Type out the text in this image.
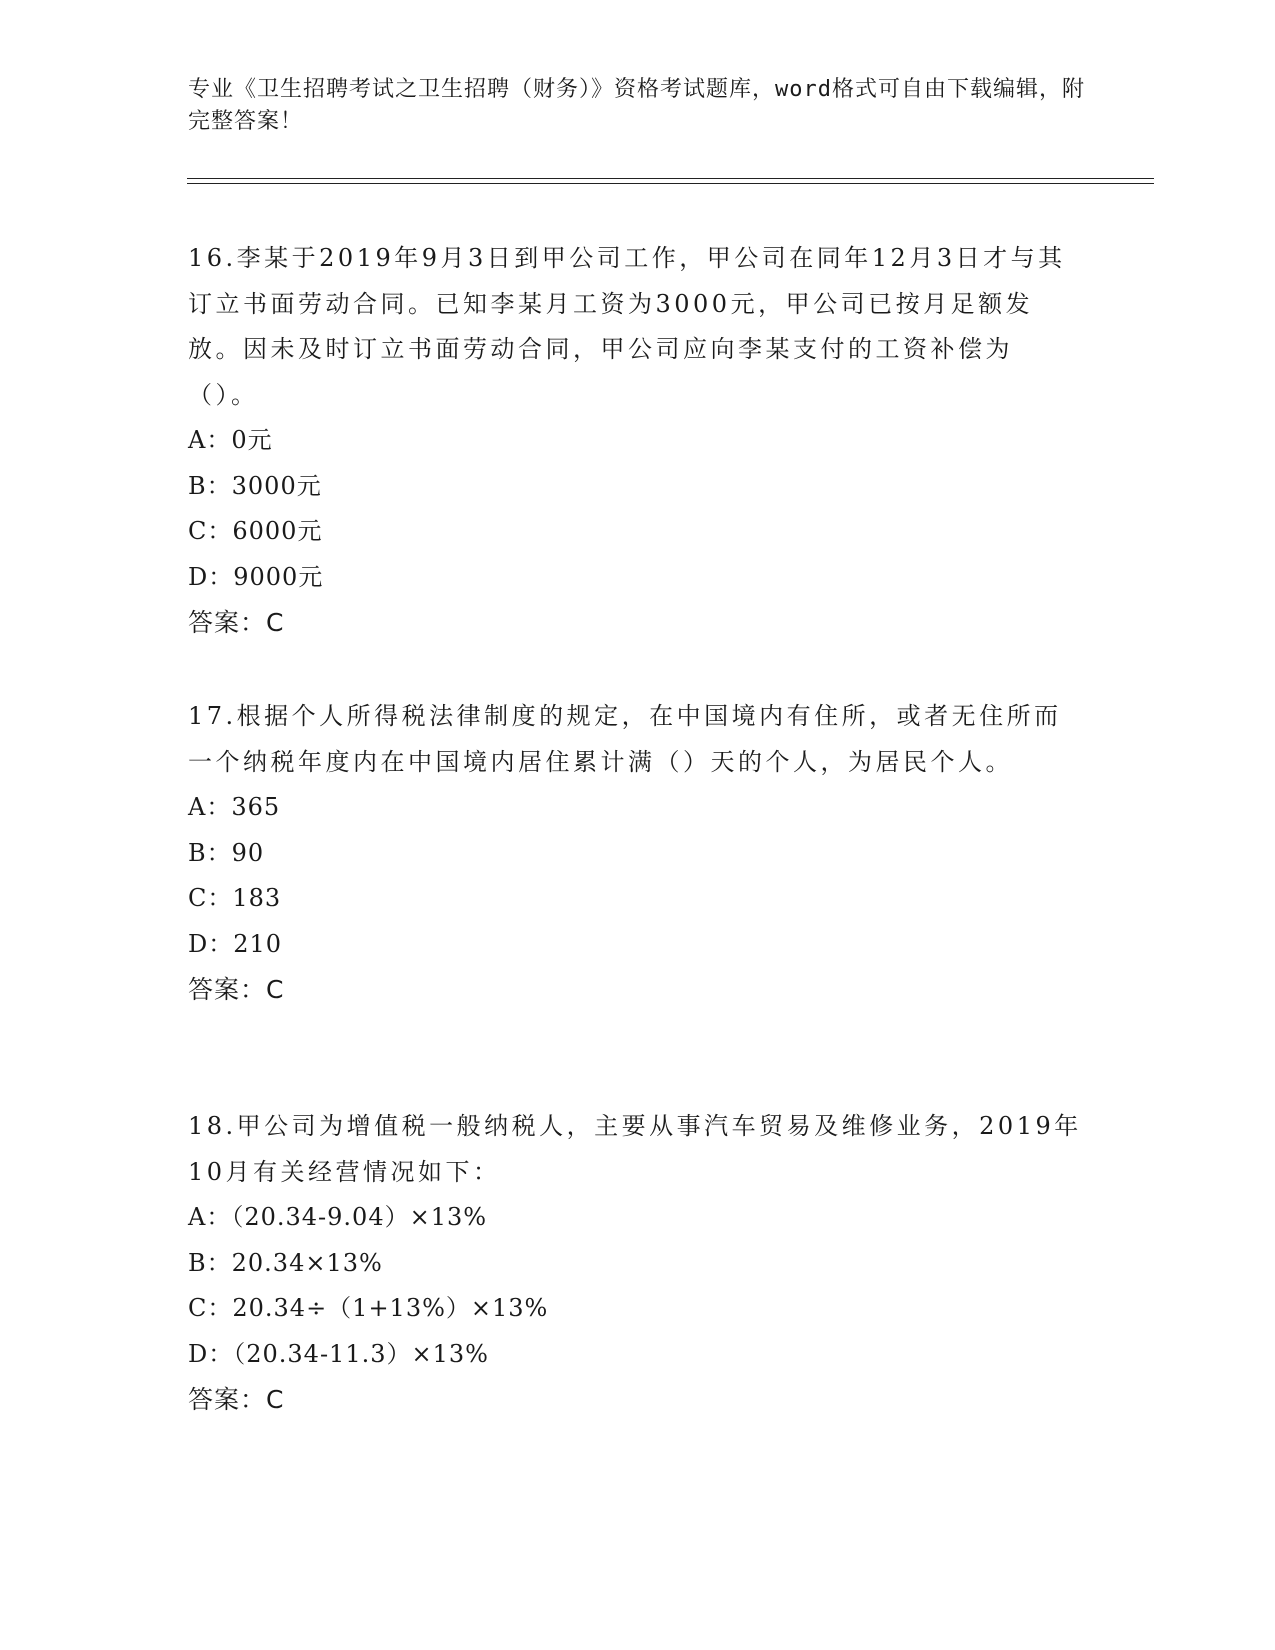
专业《卫生招聘考试之卫生招聘（财务）》资格考试题库，word格式可自由下载编辑，附完整答案！

16.李某于2019年9月3日到甲公司工作，甲公司在同年12月3日才与其订立书面劳动合同。已知李某月工资为3000元，甲公司已按月足额发放。因未及时订立书面劳动合同，甲公司应向李某支付的工资补偿为（）。

A：0元

B：3000元

C：6000元

D：9000元

答案：C

17.根据个人所得税法律制度的规定，在中国境内有住所，或者无住所而一个纳税年度内在中国境内居住累计满（）天的个人，为居民个人。

A：365

B：90

C：183

D：210

答案：C

18.甲公司为增值税一般纳税人，主要从事汽车贸易及维修业务，2019年10月有关经营情况如下：

A：（20.34-9.04）×13%

B：20.34×13%

C：20.34÷（1+13%）×13%

D：（20.34-11.3）×13%

答案：C
